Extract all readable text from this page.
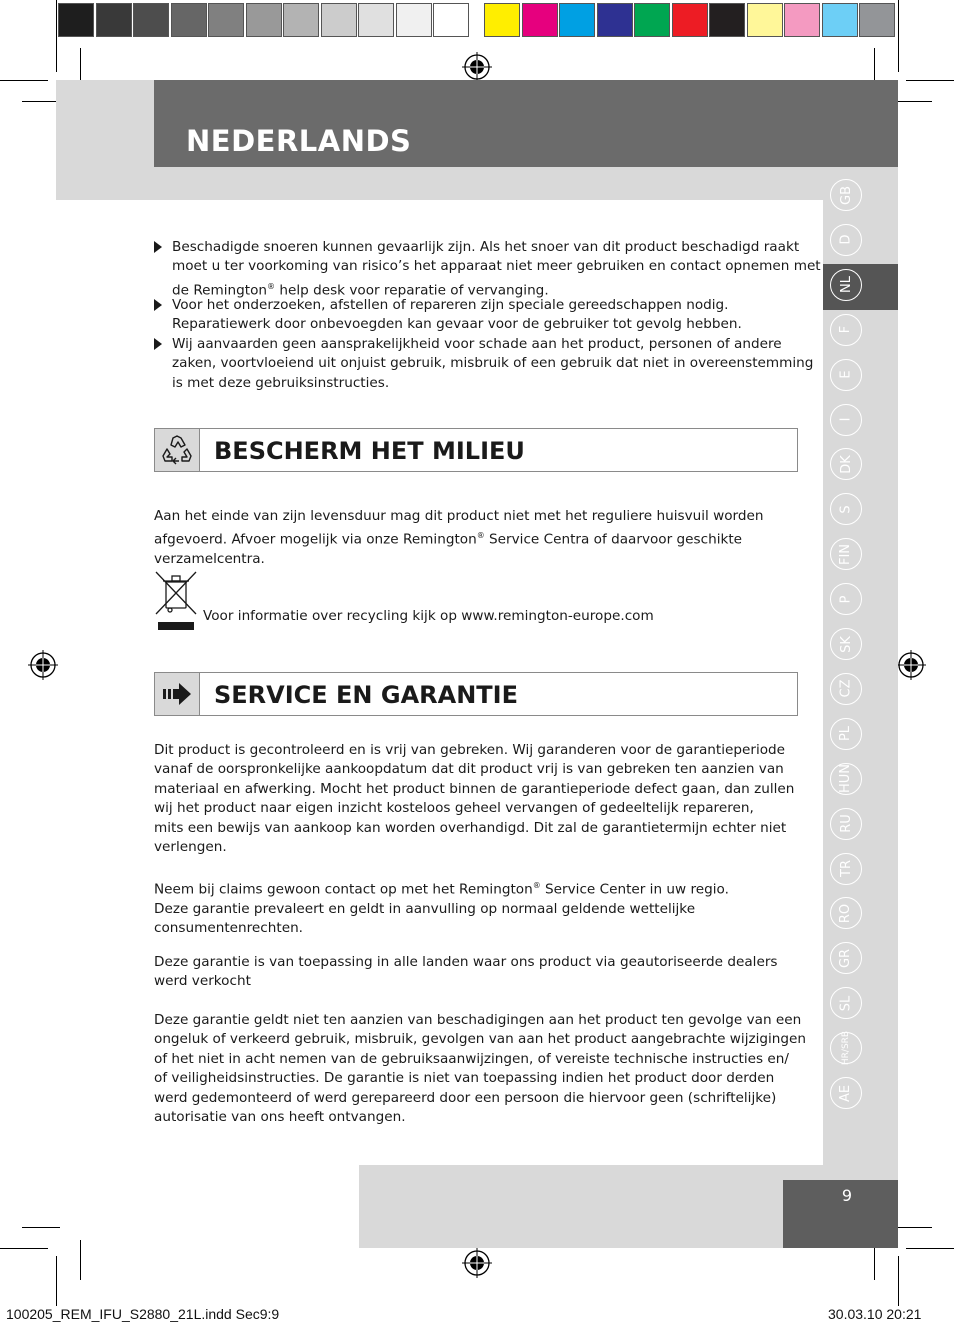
NEDERLANDS
GB
D
NL
F
E
I
DK
S
FIN
P
SK
CZ
PL
HUN
RU
TR
RO
GR
SL
HR/SRB
AE
Beschadigde snoeren kunnen gevaarlijk zijn. Als het snoer van dit product beschadigd raakt moet u ter voorkoming van risico’s het apparaat niet meer gebruiken en contact opnemen met de Remington® help desk voor reparatie of vervanging.
Voor het onderzoeken, afstellen of repareren zijn speciale gereedschappen nodig. Reparatiewerk door onbevoegden kan gevaar voor de gebruiker tot gevolg hebben.
Wij aanvaarden geen aansprakelijkheid voor schade aan het product, personen of andere zaken, voortvloeiend uit onjuist gebruik, misbruik of een gebruik dat niet in overeenstemming is met deze gebruiksinstructies.
BESCHERM HET MILIEU
Aan het einde van zijn levensduur mag dit product niet met het reguliere huisvuil worden afgevoerd. Afvoer mogelijk via onze Remington® Service Centra of daarvoor geschikte verzamelcentra.
Voor informatie over recycling kijk op www.remington-europe.com
SERVICE EN GARANTIE
Dit product is gecontroleerd en is vrij van gebreken. Wij garanderen voor de garantieperiode
vanaf de oorspronkelijke aankoopdatum dat dit product vrij is van gebreken ten aanzien van
materiaal en afwerking. Mocht het product binnen de garantieperiode defect gaan, dan zullen
wij het product naar eigen inzicht kosteloos geheel vervangen of gedeeltelijk repareren,
mits een bewijs van aankoop kan worden overhandigd. Dit zal de garantietermijn echter niet
verlengen.
Neem bij claims gewoon contact op met het Remington® Service Center in uw regio.
Deze garantie prevaleert en geldt in aanvulling op normaal geldende wettelijke
consumentenrechten.
Deze garantie is van toepassing in alle landen waar ons product via geautoriseerde dealers
werd verkocht
Deze garantie geldt niet ten aanzien van beschadigingen aan het product ten gevolge van een
ongeluk of verkeerd gebruik, misbruik, gevolgen van aan het product aangebrachte wijzigingen
of het niet in acht nemen van de gebruiksaanwijzingen, of vereiste technische instructies en/
of veiligheidsinstructies. De garantie is niet van toepassing indien het product door derden
werd gedemonteerd of werd gerepareerd door een persoon die hiervoor geen (schriftelijke)
autorisatie van ons heeft ontvangen.
9
100205_REM_IFU_S2880_21L.indd Sec9:9	30.03.10 20:21
